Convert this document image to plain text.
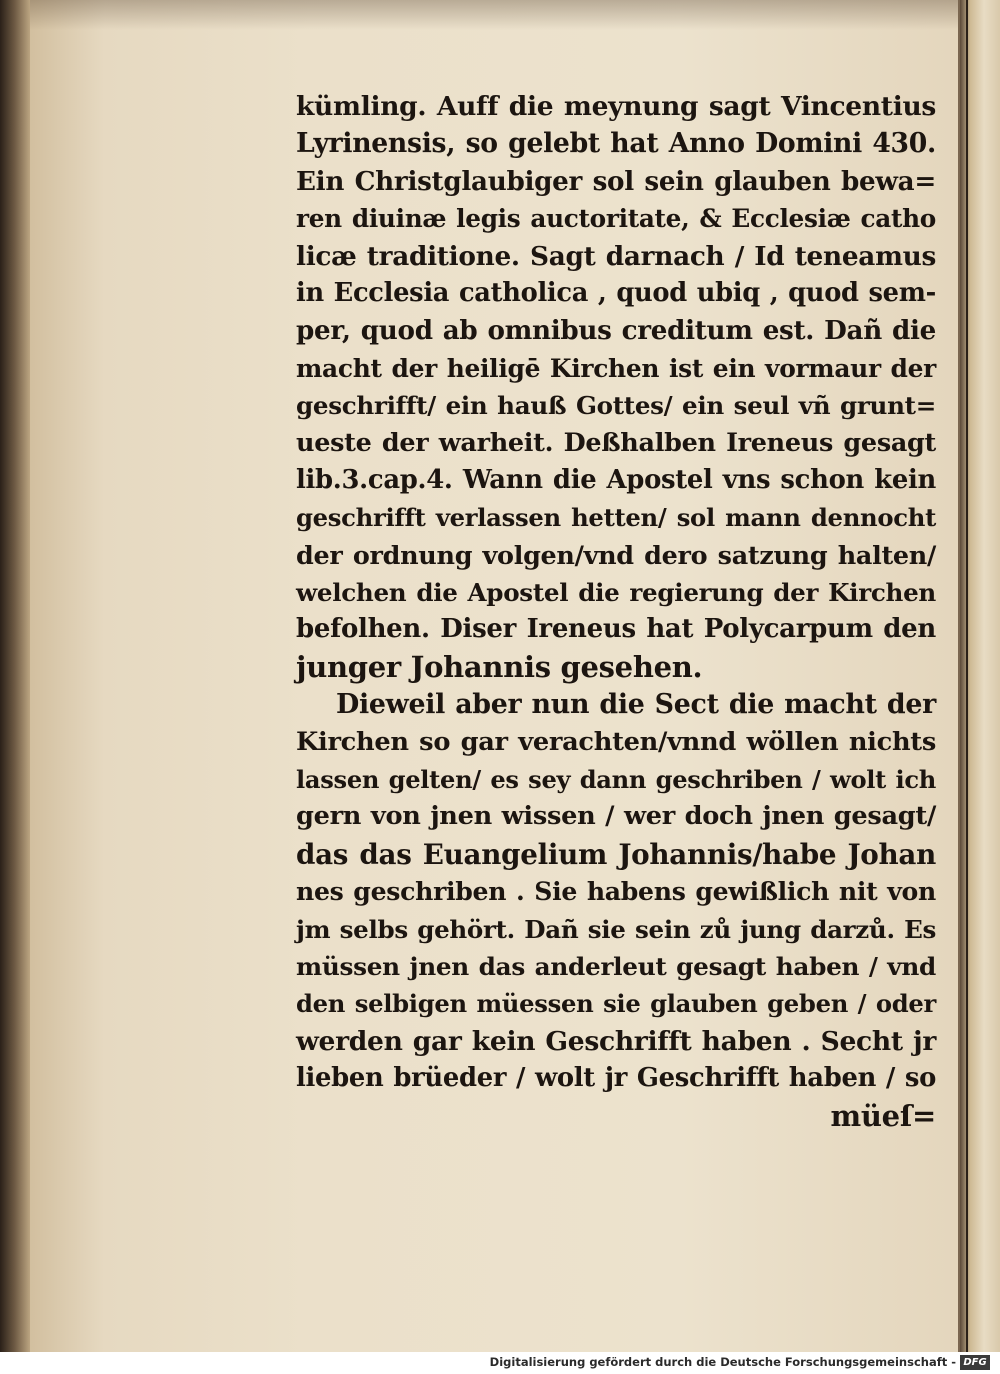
kümling. Auff die meynung sagt Vincentius
Lyrinensis, so gelebt hat Anno Domini 430.
Ein Christglaubiger sol sein glauben bewa=
ren diuinæ legis auctoritate, & Ecclesiæ catho
licæ traditione. Sagt darnach / Id teneamus
in Ecclesia catholica , quod ubiq , quod sem-
per, quod ab omnibus creditum est. Dañ die
macht der heiligē Kirchen ist ein vormaur der
geschrifft/ ein hauß Gottes/ ein seul vñ grunt=
ueste der warheit. Deßhalben Ireneus gesagt
lib.3.cap.4. Wann die Apostel vns schon kein
geschrifft verlassen hetten/ sol mann dennocht
der ordnung volgen/vnd dero satzung halten/
welchen die Apostel die regierung der Kirchen
befolhen. Diser Ireneus hat Polycarpum den
junger Johannis gesehen.
Dieweil aber nun die Sect die macht der
Kirchen so gar verachten/vnnd wöllen nichts
lassen gelten/ es sey dann geschriben / wolt ich
gern von jnen wissen / wer doch jnen gesagt/
das das Euangelium Johannis/habe Johan
nes geschriben . Sie habens gewißlich nit von
jm selbs gehört. Dañ sie sein zů jung darzů. Es
müssen jnen das anderleut gesagt haben / vnd
den selbigen müessen sie glauben geben / oder
werden gar kein Geschrifft haben . Secht jr
lieben brüeder / wolt jr Geschrifft haben / so
müeſ=
Digitalisierung gefördert durch die Deutsche Forschungsgemeinschaft - DFG
